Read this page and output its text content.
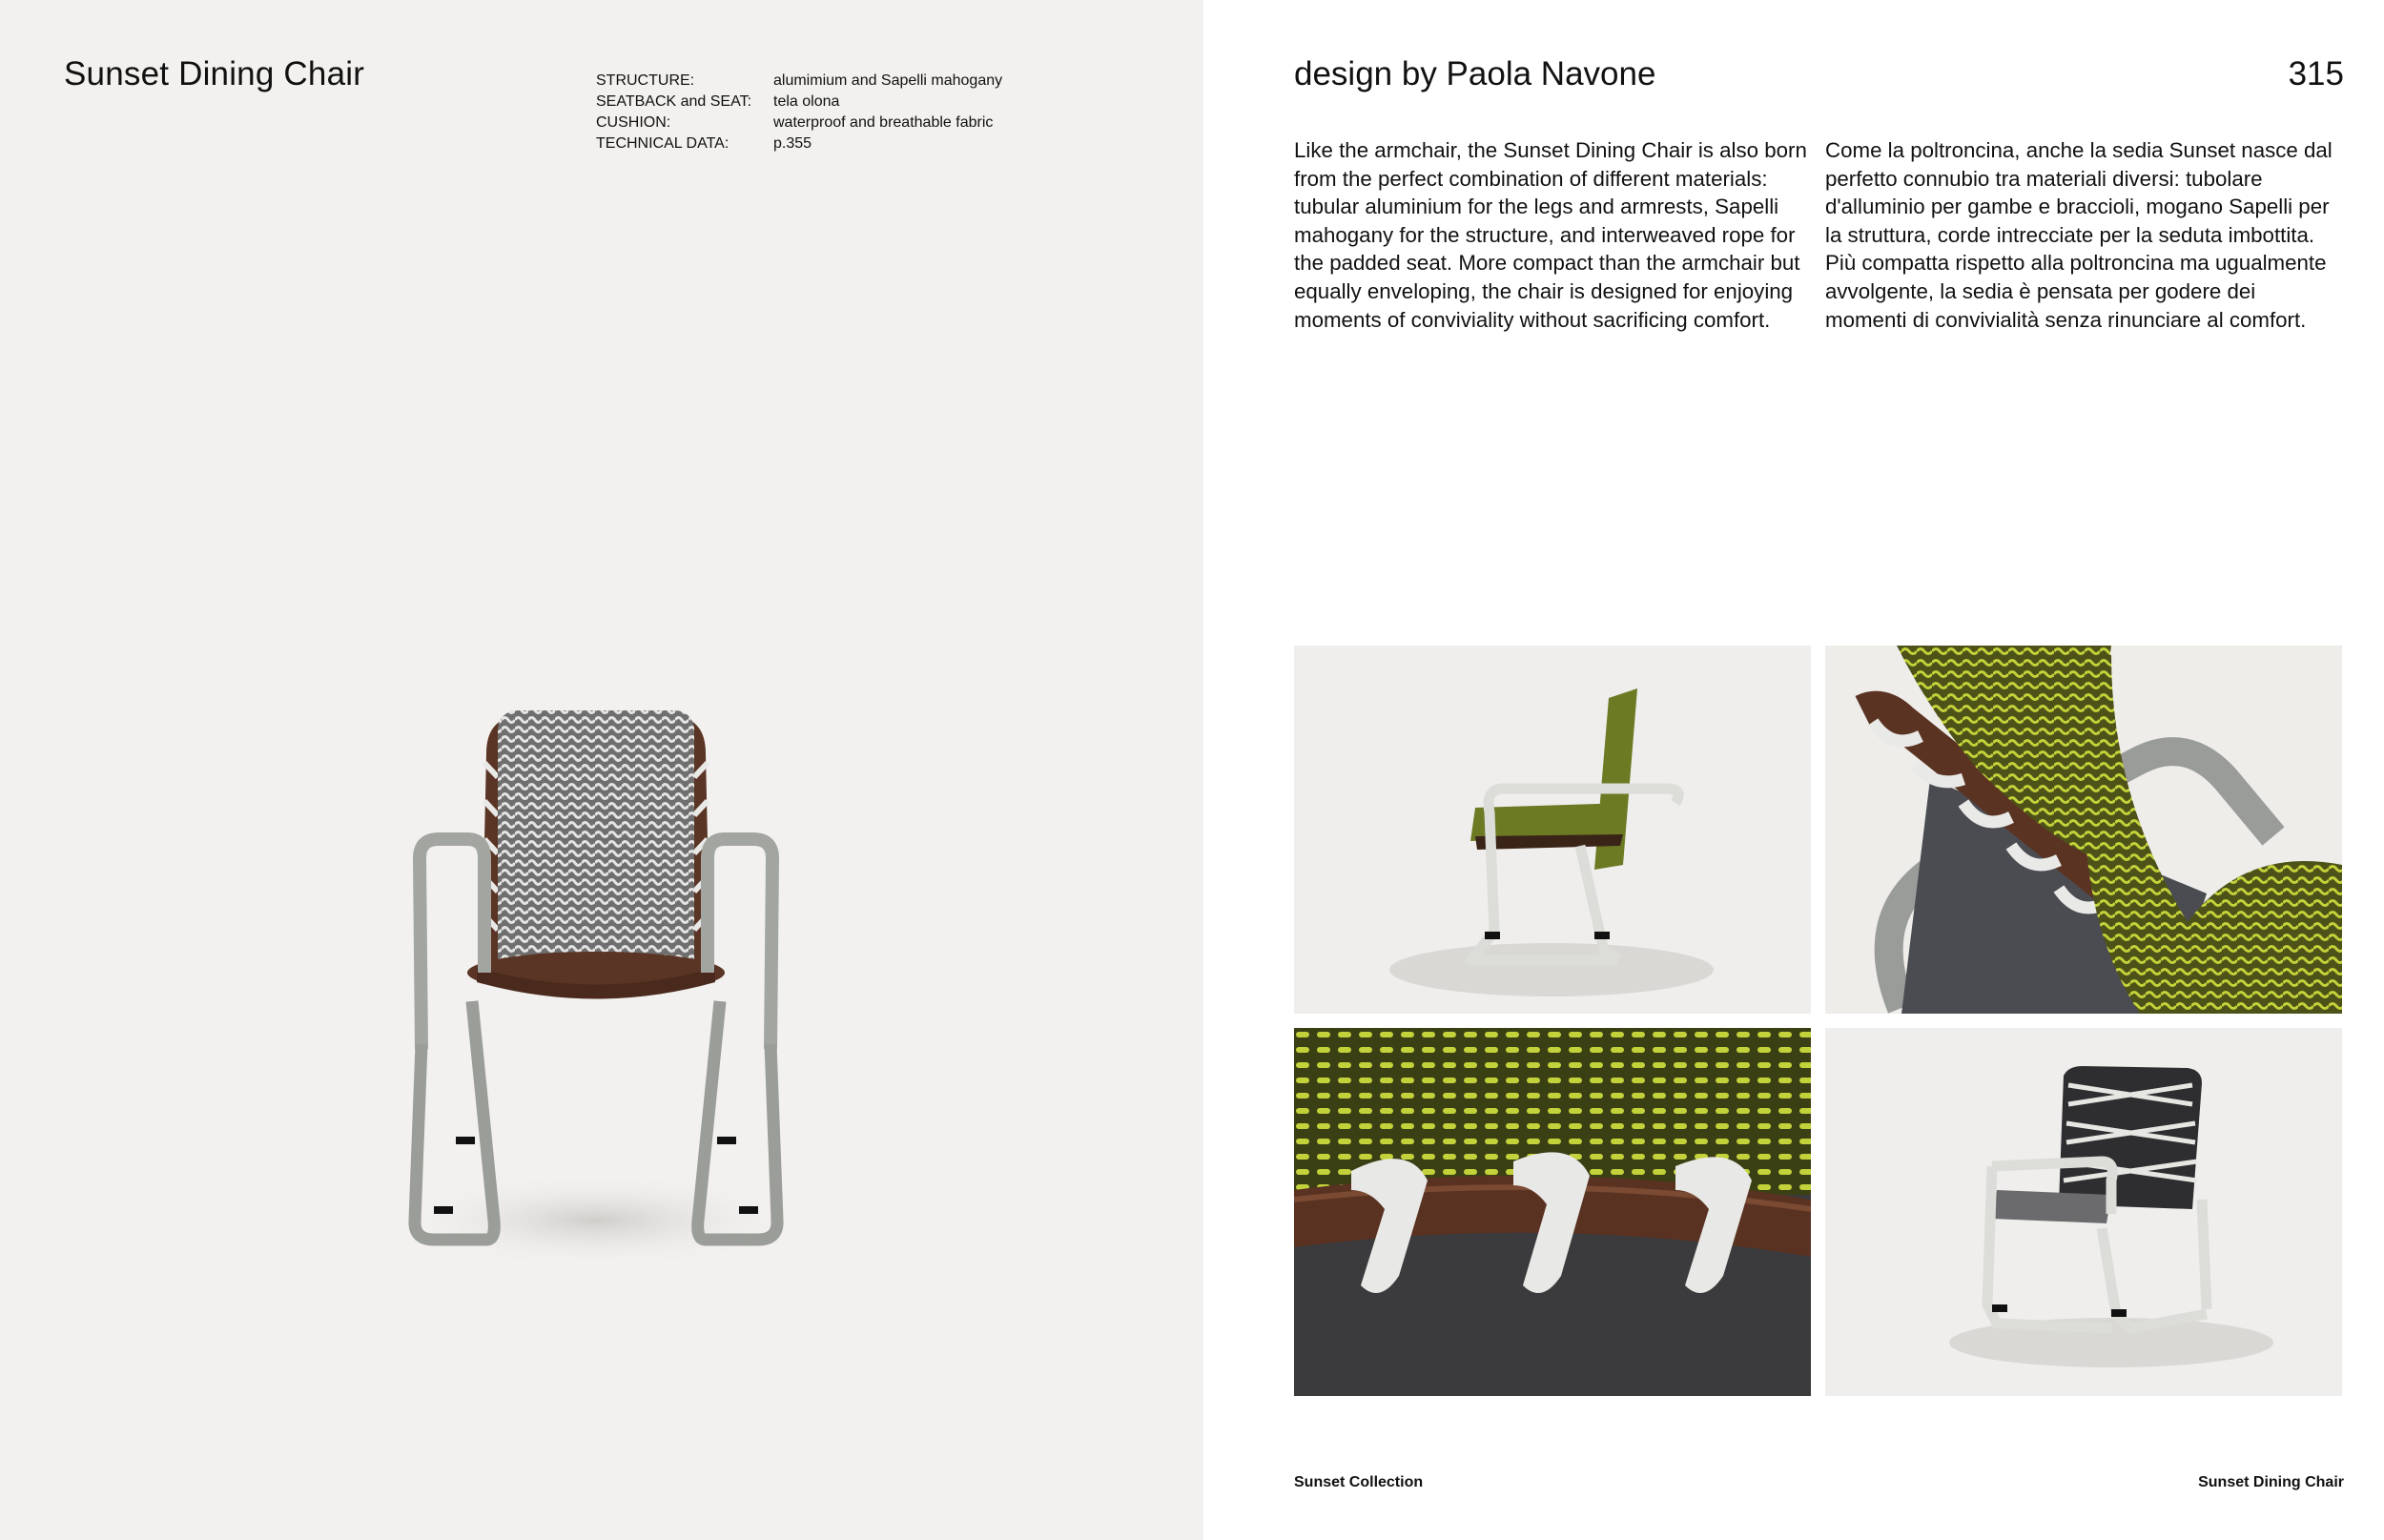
Sunset Dining Chair	STRUCTURE:	alumimium and Sapelli mahogany
SEATBACK and SEAT:	tela olona
CUSHION:	waterproof and breathable fabric
TECHNICAL DATA:	p.355
design by Paola Navone	315

Like the armchair, the Sunset Dining Chair is also born from the perfect combination of different materials: tubular aluminium for the legs and armrests, Sapelli mahogany for the structure, and interweaved rope for the padded seat. More compact than the armchair but equally enveloping, the chair is designed for enjoying moments of conviviality without sacrificing comfort.

Come la poltroncina, anche la sedia Sunset nasce dal perfetto connubio tra materiali diversi: tubolare d'alluminio per gambe e braccioli, mogano Sapelli per la struttura, corde intrecciate per la seduta imbottita. Più compatta rispetto alla poltroncina ma ugualmente avvolgente, la sedia è pensata per godere dei momenti di convivialità senza rinunciare al comfort.

Sunset Collection	Sunset Dining Chair
